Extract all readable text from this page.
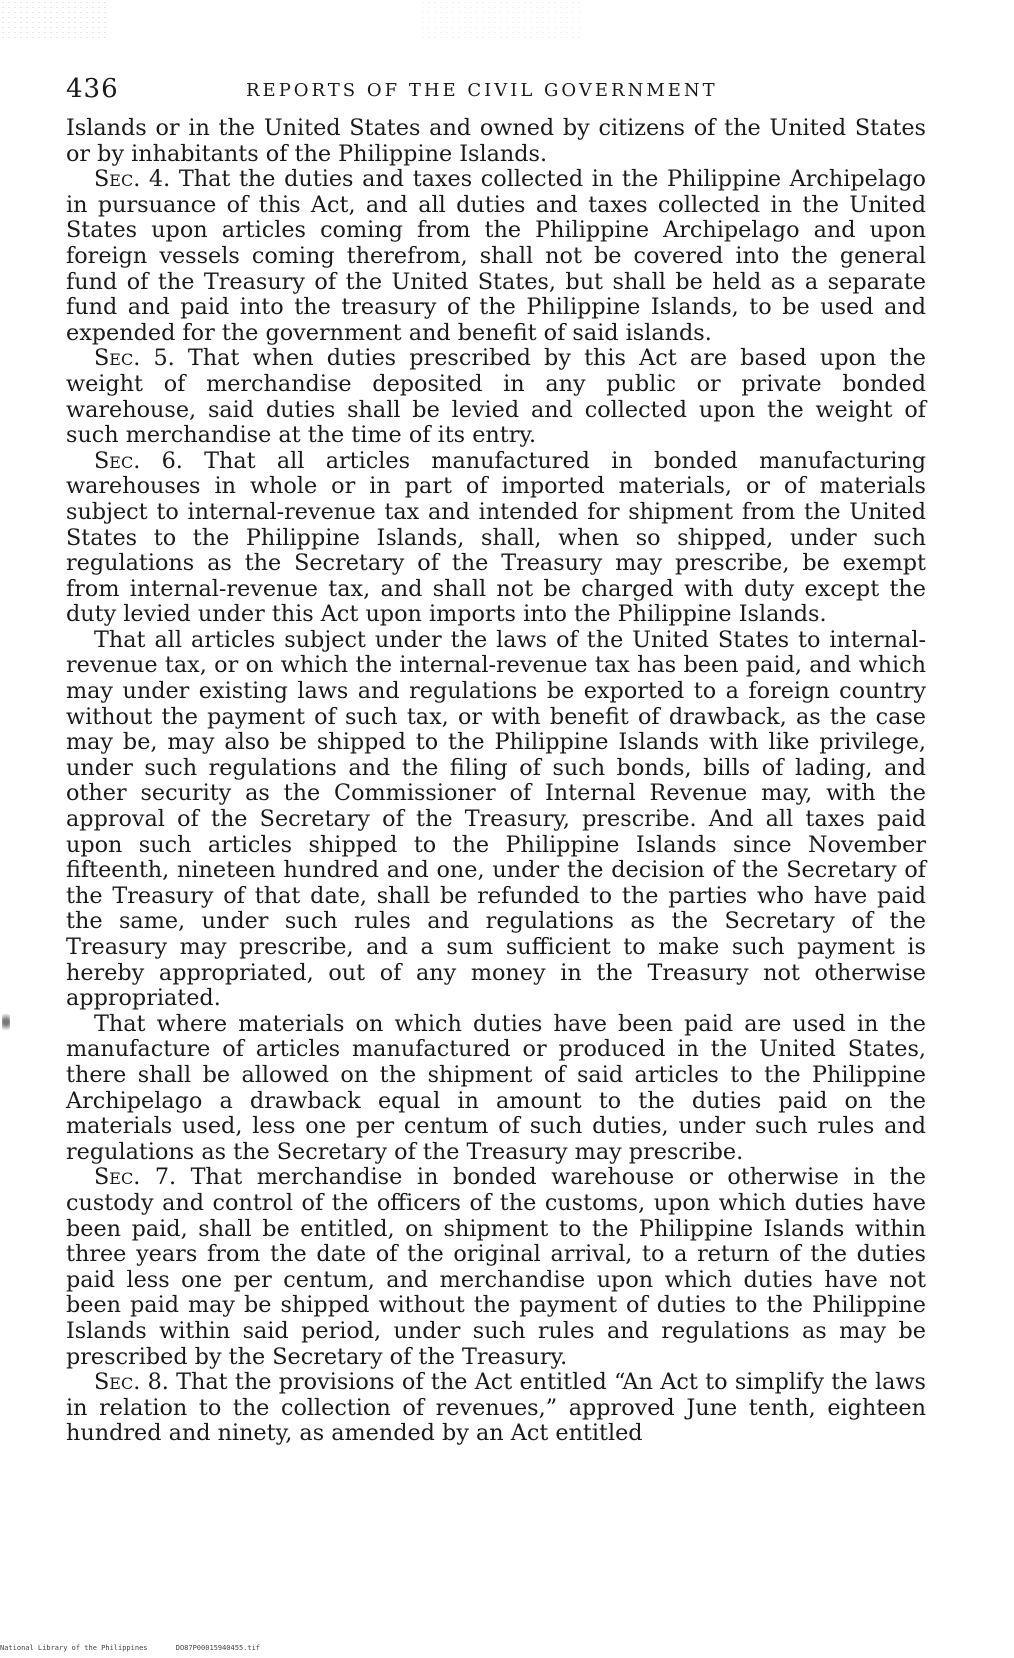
436	REPORTS OF THE CIVIL GOVERNMENT

Islands or in the United States and owned by citizens of the United States or by inhabitants of the Philippine Islands.

Sec. 4. That the duties and taxes collected in the Philippine Archipelago in pursuance of this Act, and all duties and taxes collected in the United States upon articles coming from the Philippine Archipelago and upon foreign vessels coming therefrom, shall not be covered into the general fund of the Treasury of the United States, but shall be held as a separate fund and paid into the treasury of the Philippine Islands, to be used and expended for the government and benefit of said islands.

Sec. 5. That when duties prescribed by this Act are based upon the weight of merchandise deposited in any public or private bonded warehouse, said duties shall be levied and collected upon the weight of such merchandise at the time of its entry.

Sec. 6. That all articles manufactured in bonded manufacturing warehouses in whole or in part of imported materials, or of materials subject to internal-revenue tax and intended for shipment from the United States to the Philippine Islands, shall, when so shipped, under such regulations as the Secretary of the Treasury may prescribe, be exempt from internal-revenue tax, and shall not be charged with duty except the duty levied under this Act upon imports into the Philippine Islands.

That all articles subject under the laws of the United States to internal-revenue tax, or on which the internal-revenue tax has been paid, and which may under existing laws and regulations be exported to a foreign country without the payment of such tax, or with benefit of drawback, as the case may be, may also be shipped to the Philippine Islands with like privilege, under such regulations and the filing of such bonds, bills of lading, and other security as the Commissioner of Internal Revenue may, with the approval of the Secretary of the Treasury, prescribe. And all taxes paid upon such articles shipped to the Philippine Islands since November fifteenth, nineteen hundred and one, under the decision of the Secretary of the Treasury of that date, shall be refunded to the parties who have paid the same, under such rules and regulations as the Secretary of the Treasury may prescribe, and a sum sufficient to make such payment is hereby appropriated, out of any money in the Treasury not otherwise appropriated.

That where materials on which duties have been paid are used in the manufacture of articles manufactured or produced in the United States, there shall be allowed on the shipment of said articles to the Philippine Archipelago a drawback equal in amount to the duties paid on the materials used, less one per centum of such duties, under such rules and regulations as the Secretary of the Treasury may prescribe.

Sec. 7. That merchandise in bonded warehouse or otherwise in the custody and control of the officers of the customs, upon which duties have been paid, shall be entitled, on shipment to the Philippine Islands within three years from the date of the original arrival, to a return of the duties paid less one per centum, and merchandise upon which duties have not been paid may be shipped without the payment of duties to the Philippine Islands within said period, under such rules and regulations as may be prescribed by the Secretary of the Treasury.

Sec. 8. That the provisions of the Act entitled “An Act to simplify the laws in relation to the collection of revenues,” approved June tenth, eighteen hundred and ninety, as amended by an Act entitled

National Library of the Philippines	DO87P00015940455.tif
